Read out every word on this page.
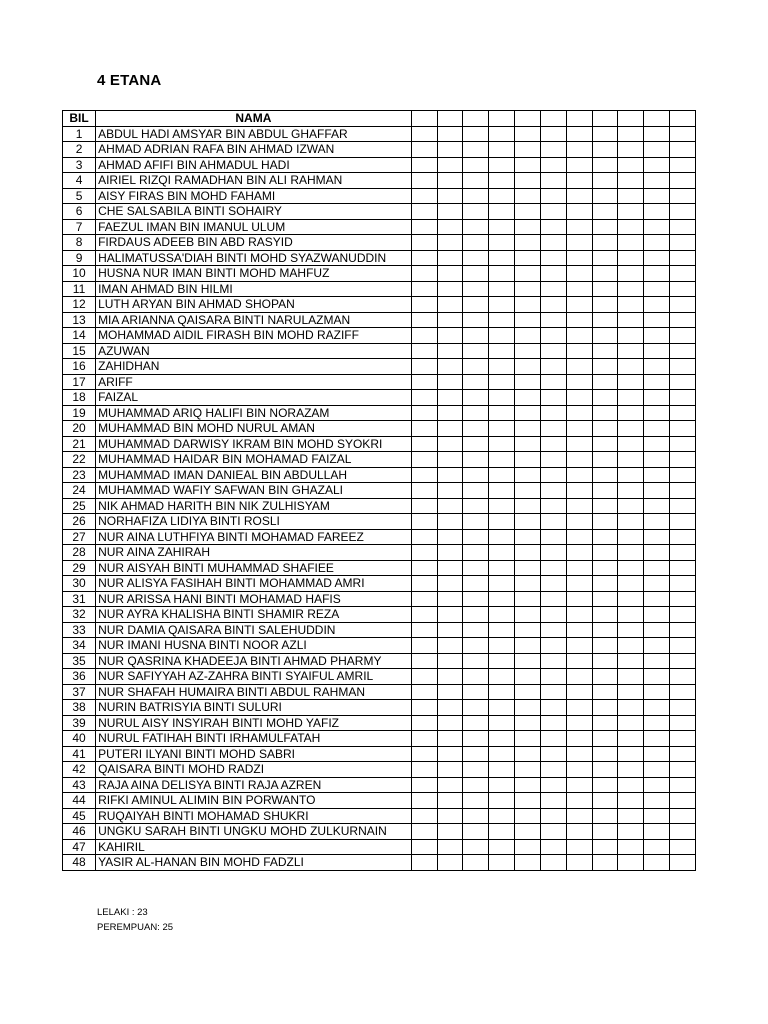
4 ETANA
BIL	NAMA											
1	ABDUL HADI AMSYAR BIN ABDUL GHAFFAR											
2	AHMAD ADRIAN RAFA BIN AHMAD IZWAN											
3	AHMAD AFIFI BIN AHMADUL HADI											
4	AIRIEL RIZQI RAMADHAN BIN ALI RAHMAN											
5	AISY FIRAS BIN MOHD FAHAMI											
6	CHE SALSABILA BINTI SOHAIRY											
7	FAEZUL IMAN BIN IMANUL ULUM											
8	FIRDAUS ADEEB BIN ABD RASYID											
9	HALIMATUSSA'DIAH BINTI MOHD SYAZWANUDDIN											
10	HUSNA NUR IMAN BINTI MOHD MAHFUZ											
11	IMAN AHMAD BIN HILMI											
12	LUTH ARYAN BIN AHMAD SHOPAN											
13	MIA ARIANNA QAISARA BINTI NARULAZMAN											
14	MOHAMMAD AIDIL FIRASH BIN MOHD RAZIFF											
15	AZUWAN											
16	ZAHIDHAN											
17	ARIFF											
18	FAIZAL											
19	MUHAMMAD ARIQ HALIFI BIN NORAZAM											
20	MUHAMMAD BIN MOHD NURUL AMAN											
21	MUHAMMAD DARWISY IKRAM BIN MOHD SYOKRI											
22	MUHAMMAD HAIDAR BIN MOHAMAD FAIZAL											
23	MUHAMMAD IMAN DANIEAL BIN ABDULLAH											
24	MUHAMMAD WAFIY SAFWAN BIN GHAZALI											
25	NIK AHMAD HARITH BIN NIK ZULHISYAM											
26	NORHAFIZA LIDIYA BINTI ROSLI											
27	NUR AINA LUTHFIYA BINTI MOHAMAD FAREEZ											
28	NUR AINA ZAHIRAH											
29	NUR AISYAH BINTI MUHAMMAD SHAFIEE											
30	NUR ALISYA FASIHAH BINTI MOHAMMAD AMRI											
31	NUR ARISSA HANI BINTI MOHAMAD HAFIS											
32	NUR AYRA KHALISHA BINTI SHAMIR REZA											
33	NUR DAMIA QAISARA BINTI SALEHUDDIN											
34	NUR IMANI HUSNA BINTI NOOR AZLI											
35	NUR QASRINA KHADEEJA BINTI AHMAD PHARMY											
36	NUR SAFIYYAH AZ-ZAHRA BINTI SYAIFUL AMRIL											
37	NUR SHAFAH HUMAIRA BINTI ABDUL RAHMAN											
38	NURIN BATRISYIA BINTI SULURI											
39	NURUL AISY INSYIRAH BINTI MOHD YAFIZ											
40	NURUL FATIHAH BINTI IRHAMULFATAH											
41	PUTERI ILYANI BINTI MOHD SABRI											
42	QAISARA BINTI MOHD RADZI											
43	RAJA AINA DELISYA BINTI RAJA AZREN											
44	RIFKI AMINUL ALIMIN BIN PORWANTO											
45	RUQAIYAH BINTI MOHAMAD SHUKRI											
46	UNGKU SARAH BINTI UNGKU MOHD ZULKURNAIN											
47	KAHIRIL											
48	YASIR AL-HANAN BIN MOHD FADZLI											
LELAKI : 23
PEREMPUAN: 25
